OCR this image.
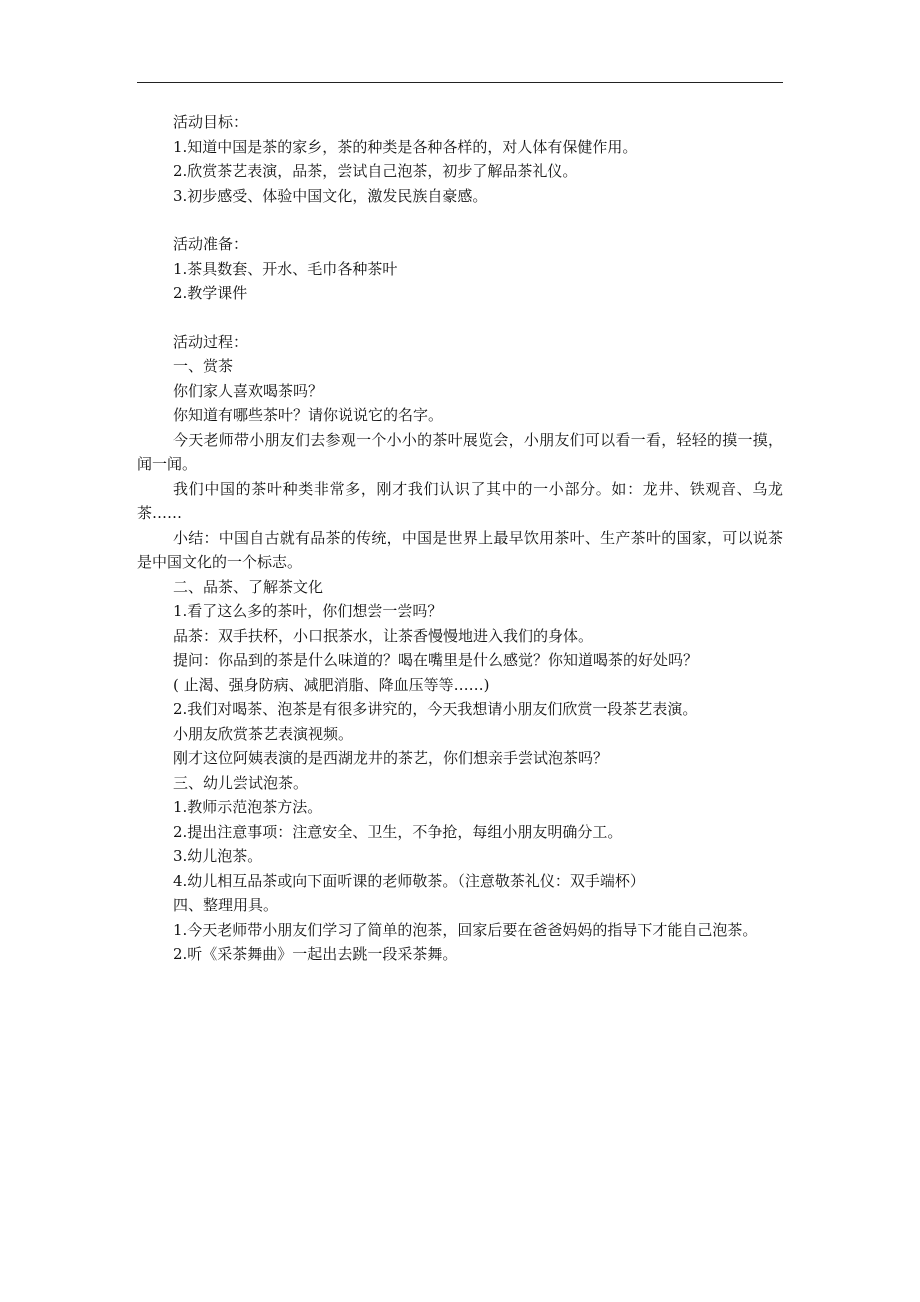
活动目标：

1.知道中国是茶的家乡，茶的种类是各种各样的，对人体有保健作用。

2.欣赏茶艺表演，品茶，尝试自己泡茶，初步了解品茶礼仪。

3.初步感受、体验中国文化，激发民族自豪感。

活动准备：

1.茶具数套、开水、毛巾各种茶叶

2.教学课件

活动过程：

一、赏茶

你们家人喜欢喝茶吗？

你知道有哪些茶叶？请你说说它的名字。

今天老师带小朋友们去参观一个小小的茶叶展览会，小朋友们可以看一看，轻轻的摸一摸，闻一闻。

我们中国的茶叶种类非常多，刚才我们认识了其中的一小部分。如：龙井、铁观音、乌龙茶……

小结：中国自古就有品茶的传统，中国是世界上最早饮用茶叶、生产茶叶的国家，可以说茶是中国文化的一个标志。

二、品茶、了解茶文化

1.看了这么多的茶叶，你们想尝一尝吗？

品茶：双手扶杯，小口抿茶水，让茶香慢慢地进入我们的身体。

提问：你品到的茶是什么味道的？喝在嘴里是什么感觉？你知道喝茶的好处吗？

( 止渴、强身防病、减肥消脂、降血压等等……)

2.我们对喝茶、泡茶是有很多讲究的，今天我想请小朋友们欣赏一段茶艺表演。

小朋友欣赏茶艺表演视频。

刚才这位阿姨表演的是西湖龙井的茶艺，你们想亲手尝试泡茶吗？

三、幼儿尝试泡茶。

1.教师示范泡茶方法。

2.提出注意事项：注意安全、卫生，不争抢，每组小朋友明确分工。

3.幼儿泡茶。

4.幼儿相互品茶或向下面听课的老师敬茶。（注意敬茶礼仪：双手端杯）

四、整理用具。

1.今天老师带小朋友们学习了简单的泡茶，回家后要在爸爸妈妈的指导下才能自己泡茶。

2.听《采茶舞曲》一起出去跳一段采茶舞。
